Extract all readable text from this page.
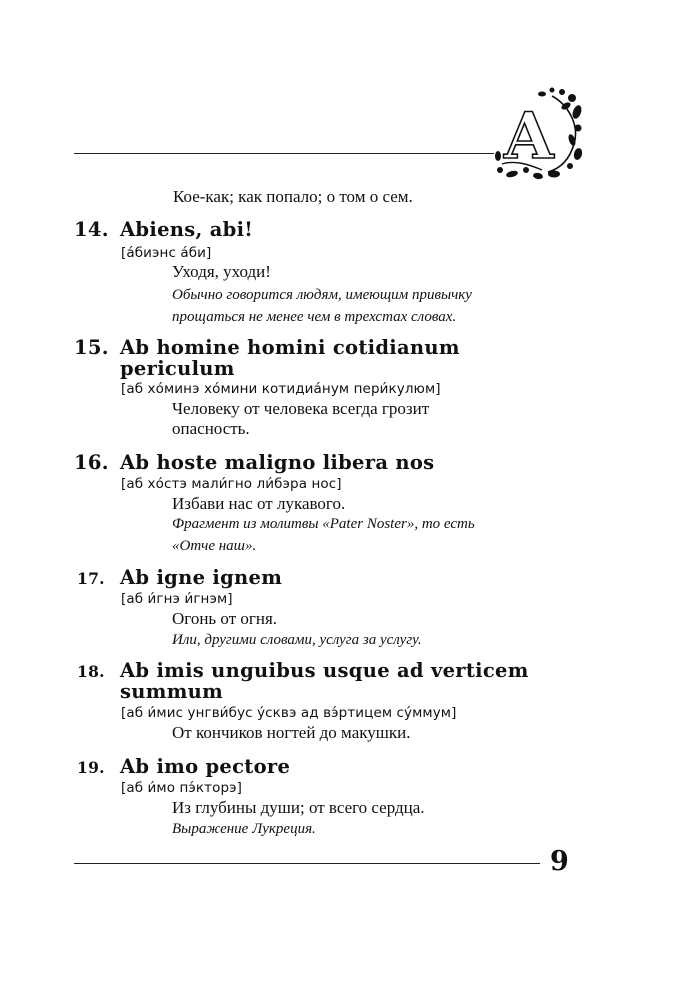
A
Кое-как; как попало; о том о сем.
14. Abiens, abi!
[а́биэнс а́би]
Уходя, уходи!
Обычно говорится людям, имеющим привычку
прощаться не менее чем в трехстах словах.
15. Ab homine homini cotidianum
periculum
[аб хо́минэ хо́мини котидиа́нум пери́кулюм]
Человеку от человека всегда грозит
опасность.
16. Ab hoste maligno libera nos
[аб хо́стэ мали́гно ли́бэра нос]
Избави нас от лукавого.
Фрагмент из молитвы «Pater Noster», то есть
«Отче наш».
17. Ab igne ignem
[аб и́гнэ и́гнэм]
Огонь от огня.
Или, другими словами, услуга за услугу.
18. Ab imis unguibus usque ad verticem
summum
[аб и́мис унгви́бус у́сквэ ад вэ́ртицем су́ммум]
От кончиков ногтей до макушки.
19. Ab imo pectore
[аб и́мо пэ́кторэ]
Из глубины души; от всего сердца.
Выражение Лукреция.
9
